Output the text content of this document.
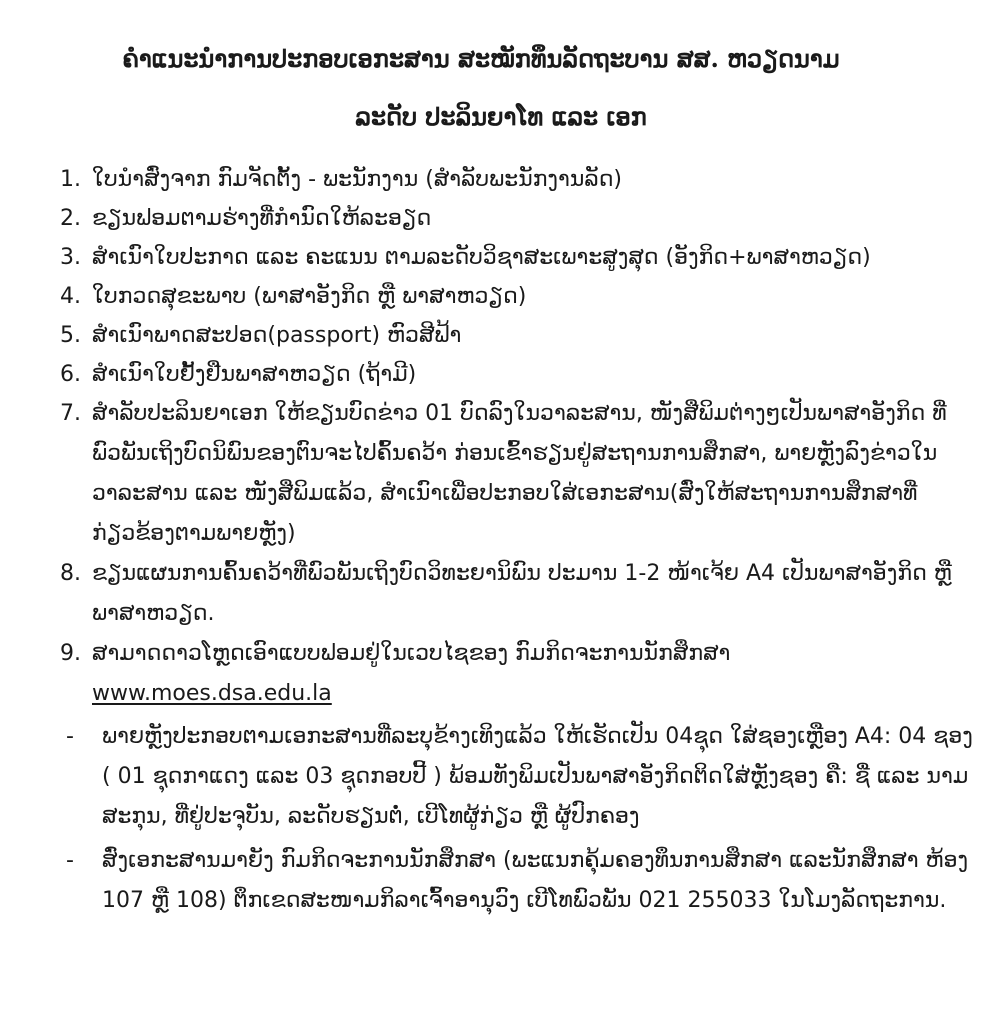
ຄຳແນະນຳການປະກອບເອກະສານ ສະໝັກທຶນລັດຖະບານ ສສ. ຫວຽດນາມ
ລະດັບ ປະລິນຍາໂທ ແລະ ເອກ
1. ໃບນຳສົ່ງຈາກ ກົມຈັດຕັ້ງ - ພະນັກງານ (ສຳລັບພະນັກງານລັດ)
2. ຂຽນຟອມຕາມຮ່າງທີ່ກຳນົດໃຫ້ລະອຽດ
3. ສຳເນົາໃບປະກາດ ແລະ ຄະແນນ ຕາມລະດັບວິຊາສະເພາະສູງສຸດ (ອັງກິດ+ພາສາຫວຽດ)
4. ໃບກວດສຸຂະພາບ (ພາສາອັງກິດ ຫຼື ພາສາຫວຽດ)
5. ສຳເນົາພາດສະປອດ(passport) ຫົວສີຟ້າ
6. ສຳເນົາໃບຢັ້ງຢືນພາສາຫວຽດ (ຖ້າມີ)
7. ສຳລັບປະລິນຍາເອກ ໃຫ້ຂຽນບົດຂ່າວ 01 ບົດລົງໃນວາລະສານ, ໜັງສືພິມຕ່າງໆເປັນພາສາອັງກິດ ທີ່ພົວພັນເຖິງບົດນິພົນຂອງຕົນຈະໄປຄົ້ນຄວ້າ ກ່ອນເຂົ້າຮຽນຢູ່ສະຖານການສຶກສາ, ພາຍຫຼັງລົງຂ່າວໃນວາລະສານ ແລະ ໜັງສືພິມແລ້ວ, ສຳເນົາເພື່ອປະກອບໃສ່ເອກະສານ(ສົ່ງໃຫ້ສະຖານການສຶກສາທີ່ກ່ຽວຂ້ອງຕາມພາຍຫຼັງ)
8. ຂຽນແຜນການຄົ້ນຄວ້າທີ່ພົວພັນເຖິງບົດວິທະຍານິພົນ ປະມານ 1-2 ໜ້າເຈ້ຍ A4 ເປັນພາສາອັງກິດ ຫຼື ພາສາຫວຽດ.
9. ສາມາດດາວໂຫຼດເອົາແບບຟອມຢູ່ໃນເວບໄຊຂອງ ກົມກິດຈະການນັກສຶກສາ
www.moes.dsa.edu.la
- ພາຍຫຼັງປະກອບຕາມເອກະສານທີ່ລະບຸຂ້າງເທິງແລ້ວ ໃຫ້ເຮັດເປັນ 04ຊຸດ ໃສ່ຊອງເຫຼືອງ A4: 04 ຊອງ ( 01 ຊຸດກາແດງ ແລະ 03 ຊຸດກອບປີ້ ) ພ້ອມທັງພິມເປັນພາສາອັງກິດຕິດໃສ່ຫຼັງຊອງ ຄື: ຊື່ ແລະ ນາມສະກຸນ, ທີ່ຢູ່ປະຈຸບັນ, ລະດັບຮຽນຕໍ່, ເບີໂທຜູ້ກ່ຽວ ຫຼື ຜູ້ປົກຄອງ
- ສົ່ງເອກະສານມາຍັງ ກົມກິດຈະການນັກສຶກສາ (ພະແນກຄຸ້ມຄອງທຶນການສຶກສາ ແລະນັກສຶກສາ ຫ້ອງ 107 ຫຼື 108) ຕຶກເຂດສະໜາມກິລາເຈົ້າອານຸວົງ ເບີໂທພົວພັນ 021 255033 ໃນໂມງລັດຖະການ.
